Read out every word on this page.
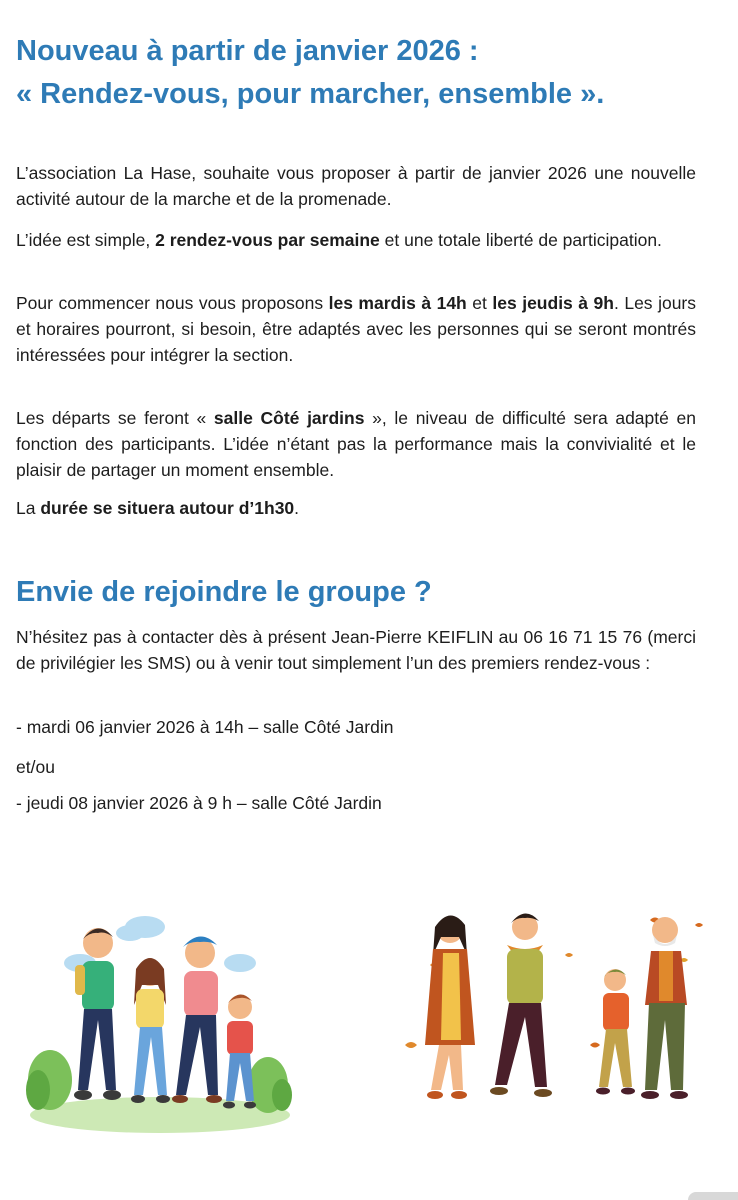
Nouveau à partir de janvier 2026 :
« Rendez-vous, pour marcher, ensemble ».

L’association La Hase, souhaite vous proposer à partir de janvier 2026 une nouvelle activité autour de la marche et de la promenade.

L’idée est simple, 2 rendez-vous par semaine et une totale liberté de participation.

Pour commencer nous vous proposons les mardis à 14h et les jeudis à 9h. Les jours et horaires pourront, si besoin, être adaptés avec les personnes qui se seront montrés intéressées pour intégrer la section.

Les départs se feront « salle Côté jardins », le niveau de difficulté sera adapté en fonction des participants. L’idée n’étant pas la performance mais la convivialité et le plaisir de partager un moment ensemble.

La durée se situera autour d’1h30.

Envie de rejoindre le groupe ?

N’hésitez pas à contacter dès à présent Jean-Pierre KEIFLIN au 06 16 71 15 76 (merci de privilégier les SMS) ou à venir tout simplement l’un des premiers rendez-vous :

- mardi 06 janvier 2026 à 14h – salle Côté Jardin
et/ou
- jeudi 08 janvier 2026 à 9 h – salle Côté Jardin
